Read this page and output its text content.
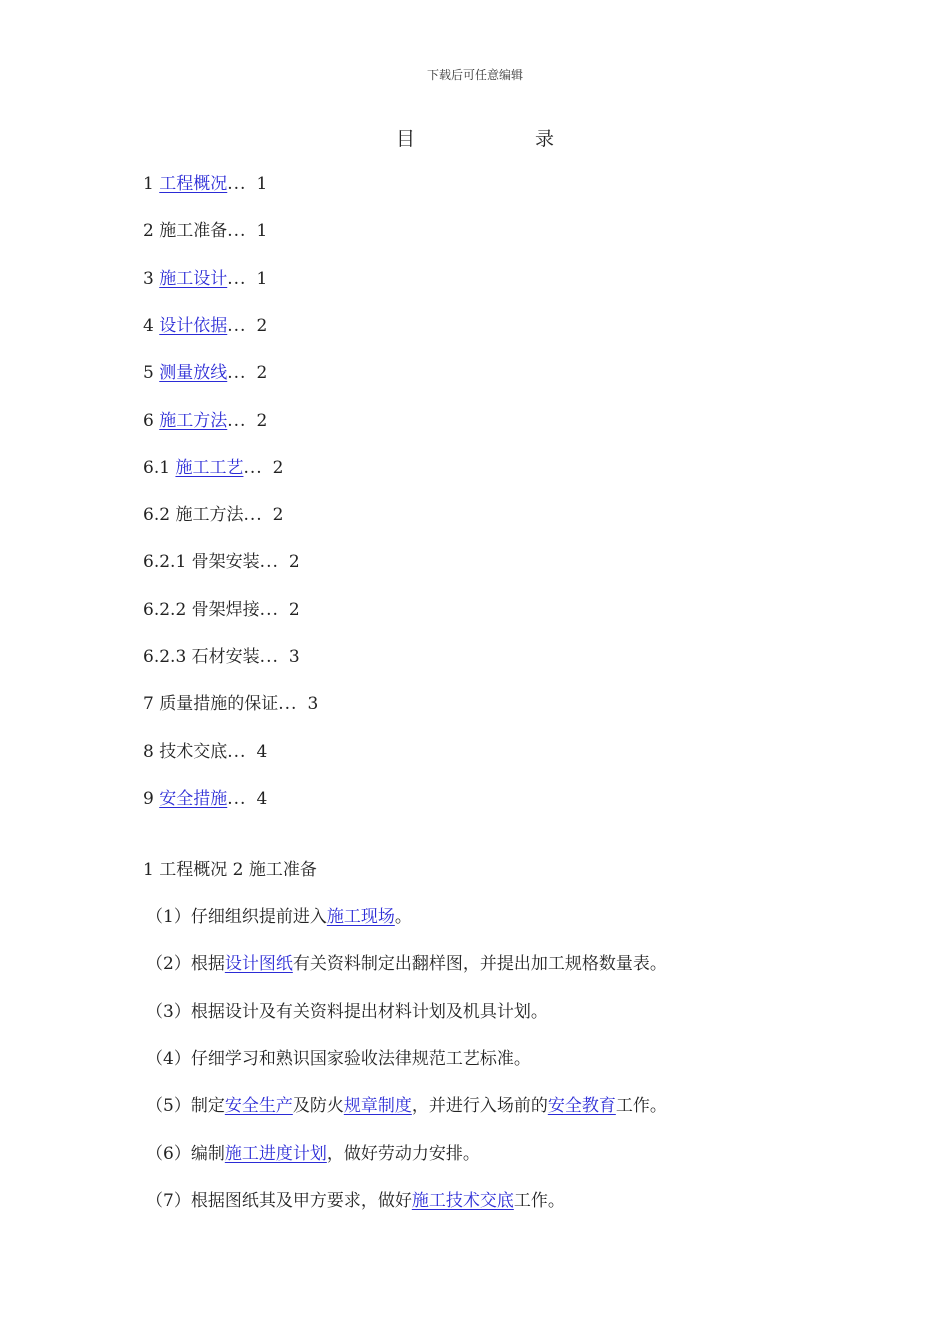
下载后可任意编辑
目	录
1 工程概况... 1
2 施工准备... 1
3 施工设计... 1
4 设计依据... 2
5 测量放线... 2
6 施工方法... 2
6.1 施工工艺... 2
6.2 施工方法... 2
6.2.1 骨架安装... 2
6.2.2 骨架焊接... 2
6.2.3 石材安装... 3
7 质量措施的保证... 3
8 技术交底... 4
9 安全措施... 4
1 工程概况 2 施工准备
（1）仔细组织提前进入施工现场。
（2）根据设计图纸有关资料制定出翻样图，并提出加工规格数量表。
（3）根据设计及有关资料提出材料计划及机具计划。
（4）仔细学习和熟识国家验收法律规范工艺标准。
（5）制定安全生产及防火规章制度，并进行入场前的安全教育工作。
（6）编制施工进度计划，做好劳动力安排。
（7）根据图纸其及甲方要求，做好施工技术交底工作。
